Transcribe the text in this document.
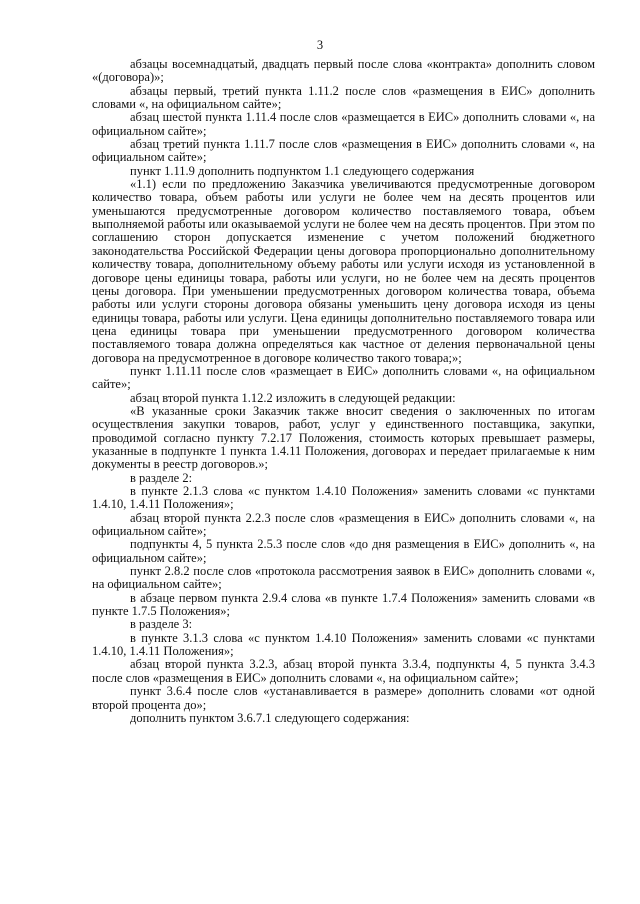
3

абзацы восемнадцатый, двадцать первый после слова «контракта» дополнить словом «(договора)»;

абзацы первый, третий пункта 1.11.2 после слов «размещения в ЕИС» дополнить словами «, на официальном сайте»;

абзац шестой пункта 1.11.4 после слов «размещается в ЕИС» дополнить словами «, на официальном сайте»;

абзац третий пункта 1.11.7 после слов «размещения в ЕИС» дополнить словами «, на официальном сайте»;

пункт 1.11.9 дополнить подпунктом 1.1 следующего содержания

«1.1) если по предложению Заказчика увеличиваются предусмотренные договором количество товара, объем работы или услуги не более чем на десять процентов или уменьшаются предусмотренные договором количество поставляемого товара, объем выполняемой работы или оказываемой услуги не более чем на десять процентов. При этом по соглашению сторон допускается изменение с учетом положений бюджетного законодательства Российской Федерации цены договора пропорционально дополнительному количеству товара, дополнительному объему работы или услуги исходя из установленной в договоре цены единицы товара, работы или услуги, но не более чем на десять процентов цены договора. При уменьшении предусмотренных договором количества товара, объема работы или услуги стороны договора обязаны уменьшить цену договора исходя из цены единицы товара, работы или услуги. Цена единицы дополнительно поставляемого товара или цена единицы товара при уменьшении предусмотренного договором количества поставляемого товара должна определяться как частное от деления первоначальной цены договора на предусмотренное в договоре количество такого товара;»;

пункт 1.11.11 после слов «размещает в ЕИС» дополнить словами «, на официальном сайте»;

абзац второй пункта 1.12.2 изложить в следующей редакции:

«В указанные сроки Заказчик также вносит сведения о заключенных по итогам осуществления закупки товаров, работ, услуг у единственного поставщика, закупки, проводимой согласно пункту 7.2.17 Положения, стоимость которых превышает размеры, указанные в подпункте 1 пункта 1.4.11 Положения, договорах и передает прилагаемые к ним документы в реестр договоров.»;

в разделе 2:

в пункте 2.1.3 слова «с пунктом 1.4.10 Положения» заменить словами «с пунктами 1.4.10, 1.4.11 Положения»;

абзац второй пункта 2.2.3 после слов «размещения в ЕИС» дополнить словами «, на официальном сайте»;

подпункты 4, 5 пункта 2.5.3 после слов «до дня размещения в ЕИС» дополнить «, на официальном сайте»;

пункт 2.8.2 после слов «протокола рассмотрения заявок в ЕИС» дополнить словами «, на официальном сайте»;

в абзаце первом пункта 2.9.4 слова «в пункте 1.7.4 Положения» заменить словами «в пункте 1.7.5 Положения»;

в разделе 3:

в пункте 3.1.3 слова «с пунктом 1.4.10 Положения» заменить словами «с пунктами 1.4.10, 1.4.11 Положения»;

абзац второй пункта 3.2.3, абзац второй пункта 3.3.4, подпункты 4, 5 пункта 3.4.3 после слов «размещения в ЕИС» дополнить словами «, на официальном сайте»;

пункт 3.6.4 после слов «устанавливается в размере» дополнить словами «от одной второй процента до»;

дополнить пунктом 3.6.7.1 следующего содержания:
